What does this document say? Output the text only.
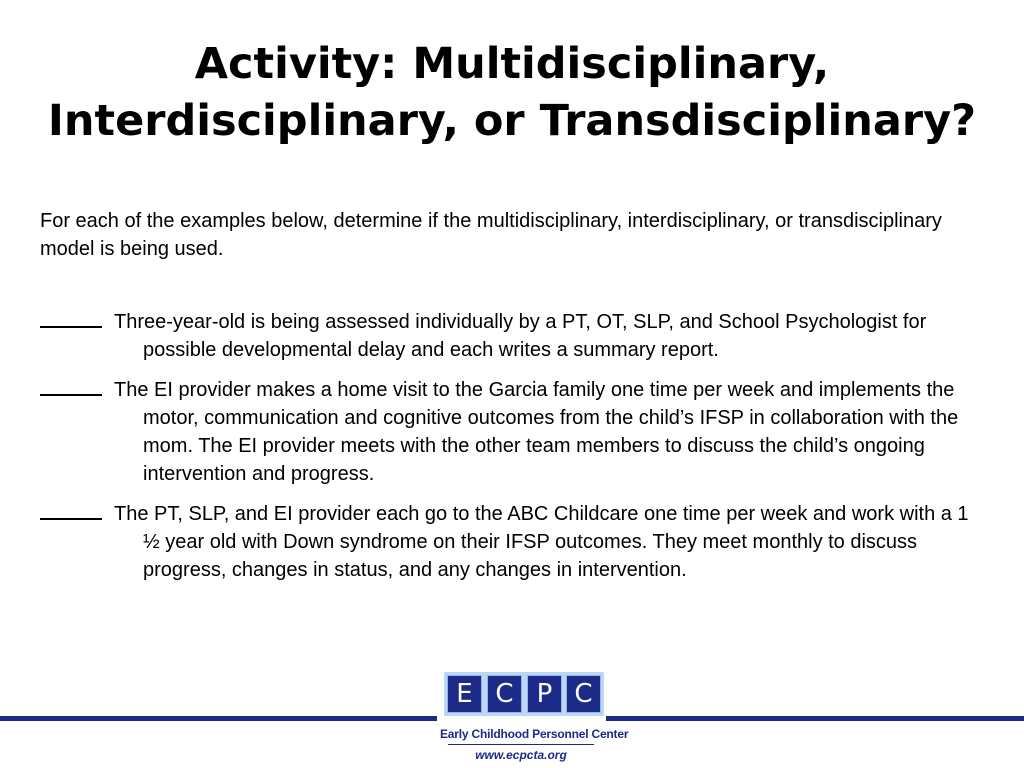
Activity: Multidisciplinary,
Interdisciplinary, or Transdisciplinary?
For each of the examples below, determine if the multidisciplinary, interdisciplinary, or transdisciplinary model is being used.
Three-year-old is being assessed individually by a PT, OT, SLP, and School Psychologist for possible developmental delay and each writes a summary report.
The EI provider makes a home visit to the Garcia family one time per week and implements the motor, communication and cognitive outcomes from the child’s IFSP in collaboration with the mom. The EI provider meets with the other team members to discuss the child’s ongoing intervention and progress.
The PT, SLP, and EI provider each go to the ABC Childcare one time per week and work with a 1 ½ year old with Down syndrome on their IFSP outcomes. They meet monthly to discuss progress, changes in status, and any changes in intervention.
E C P C
Early Childhood Personnel Center
www.ecpcta.org
